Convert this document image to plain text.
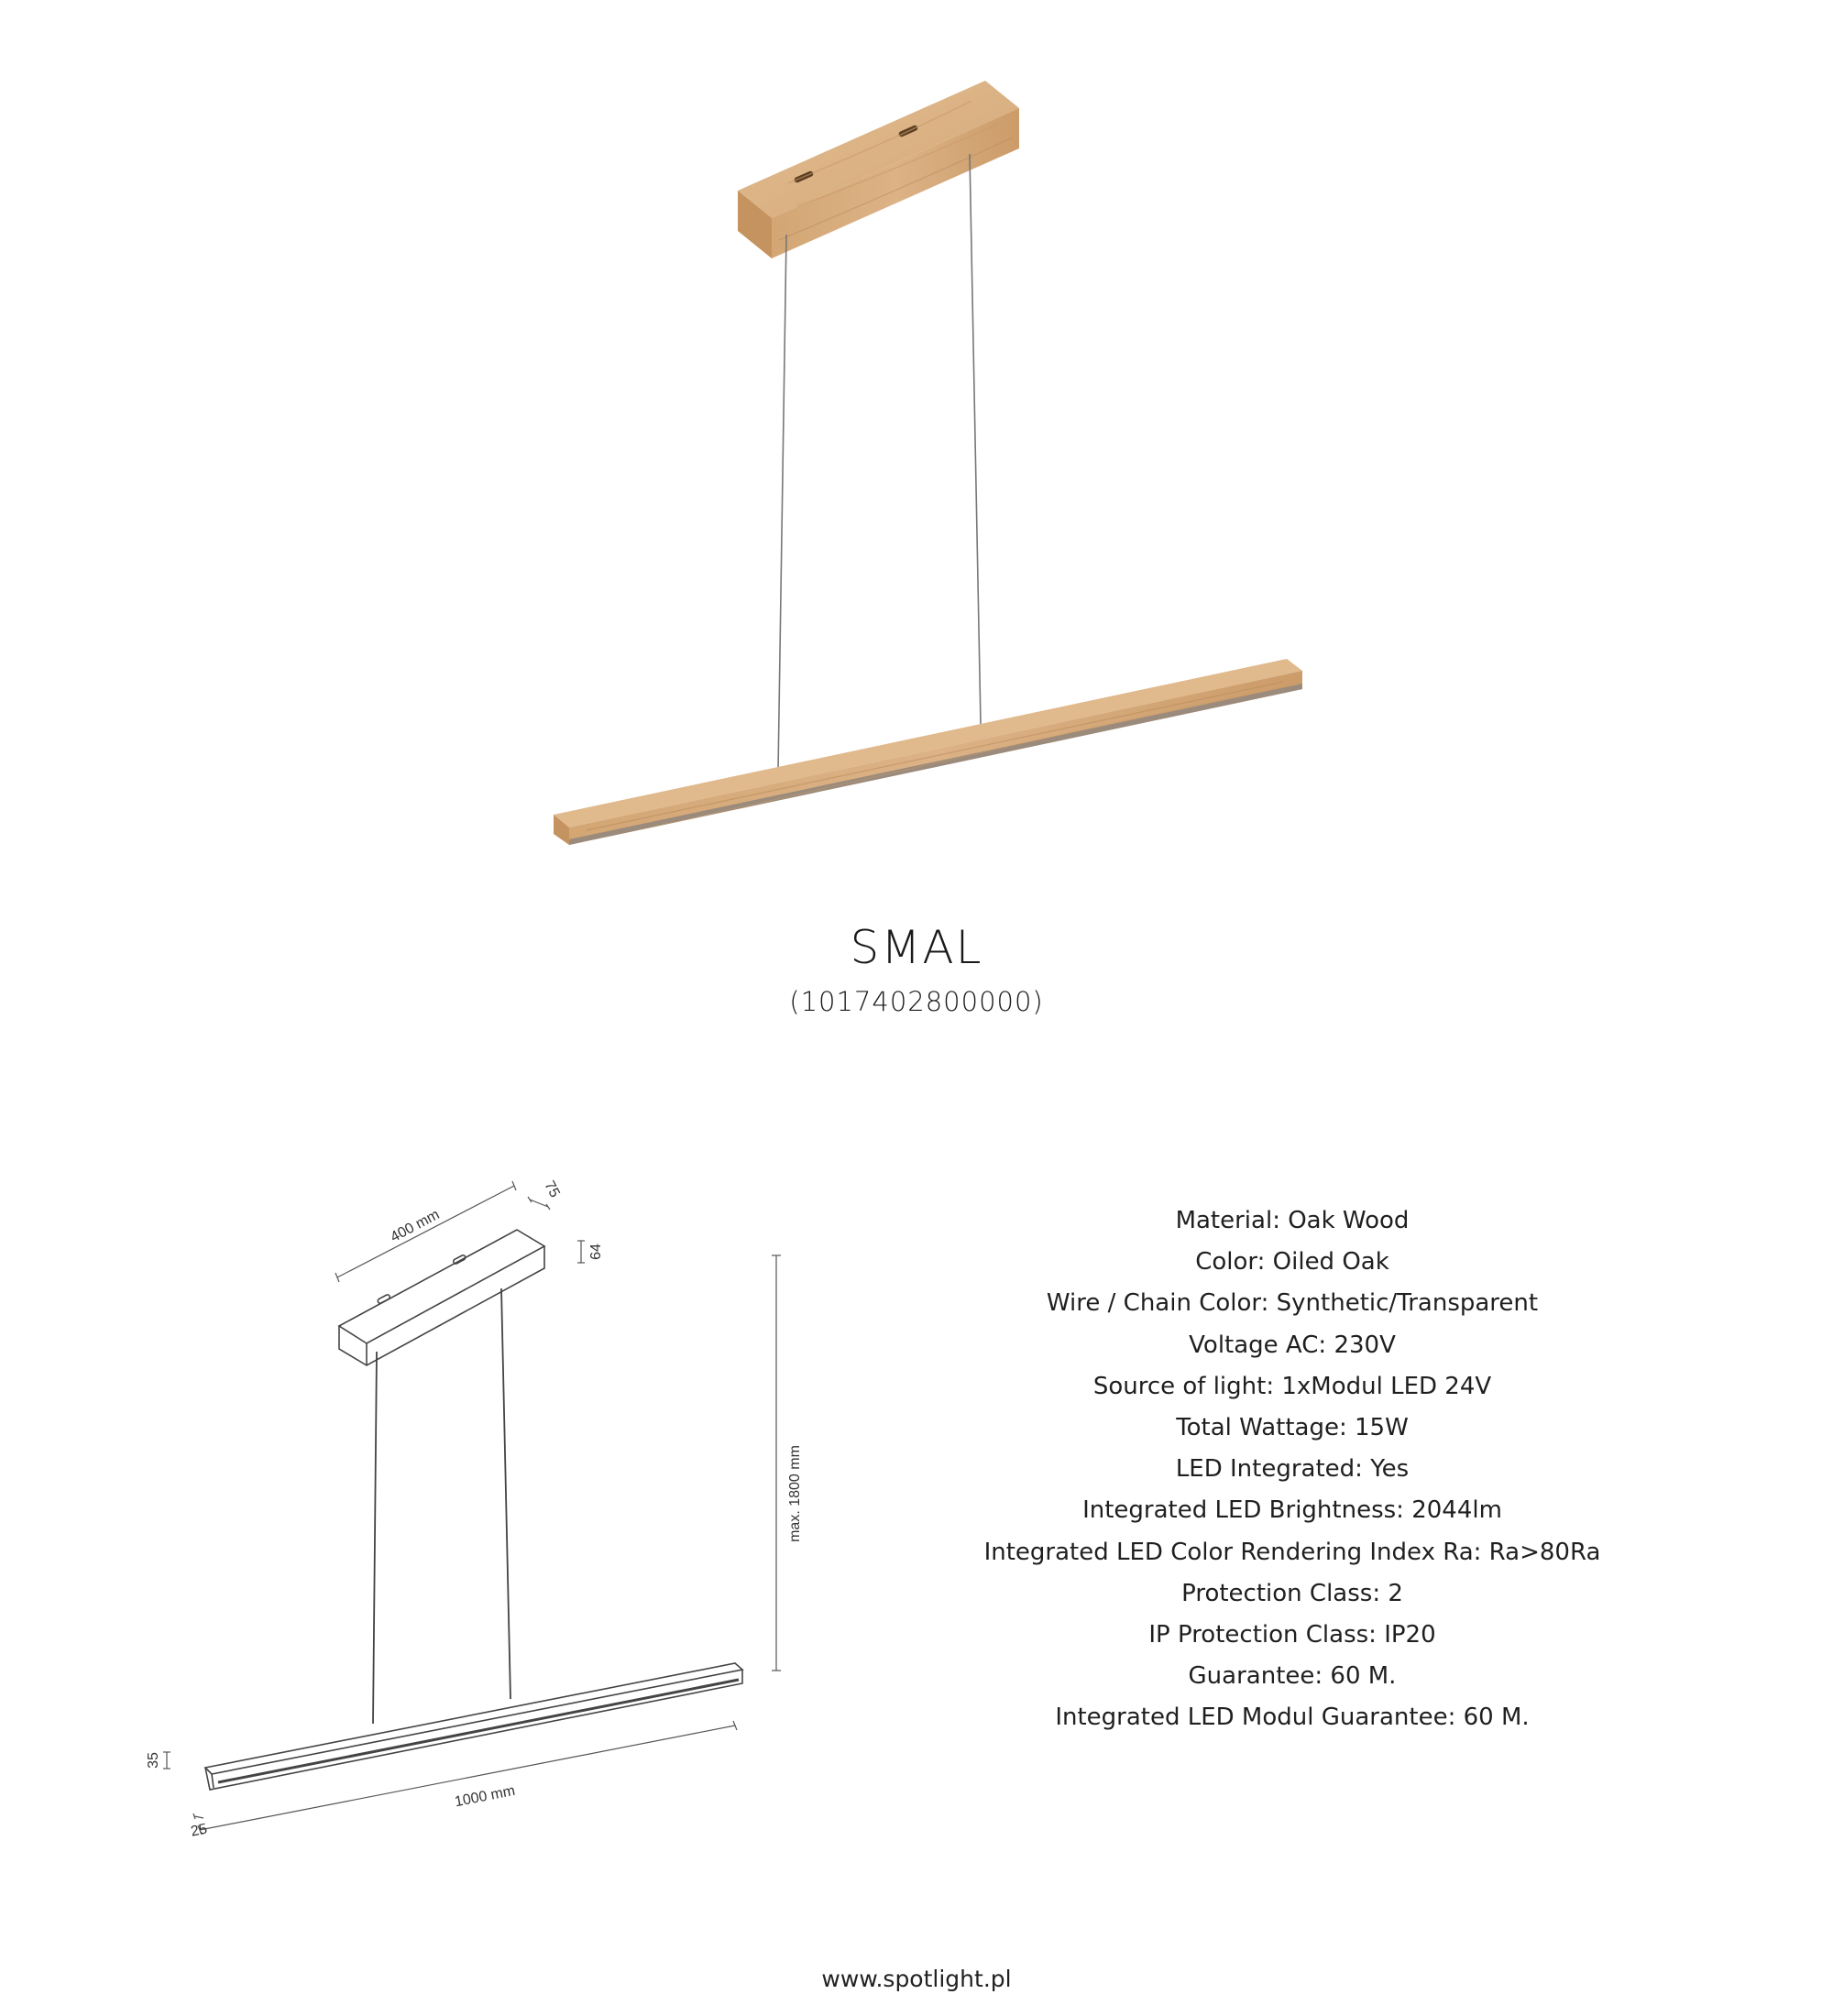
SMAL
(1017402800000)
400 mm
75
64
max. 1800 mm
1000 mm
35
25
Material: Oak Wood
Color: Oiled Oak
Wire / Chain Color: Synthetic/Transparent
Voltage AC: 230V
Source of light: 1xModul LED 24V
Total Wattage: 15W
LED Integrated: Yes
Integrated LED Brightness: 2044lm
Integrated LED Color Rendering Index Ra: Ra>80Ra
Protection Class: 2
IP Protection Class: IP20
Guarantee: 60 M.
Integrated LED Modul Guarantee: 60 M.
www.spotlight.pl
